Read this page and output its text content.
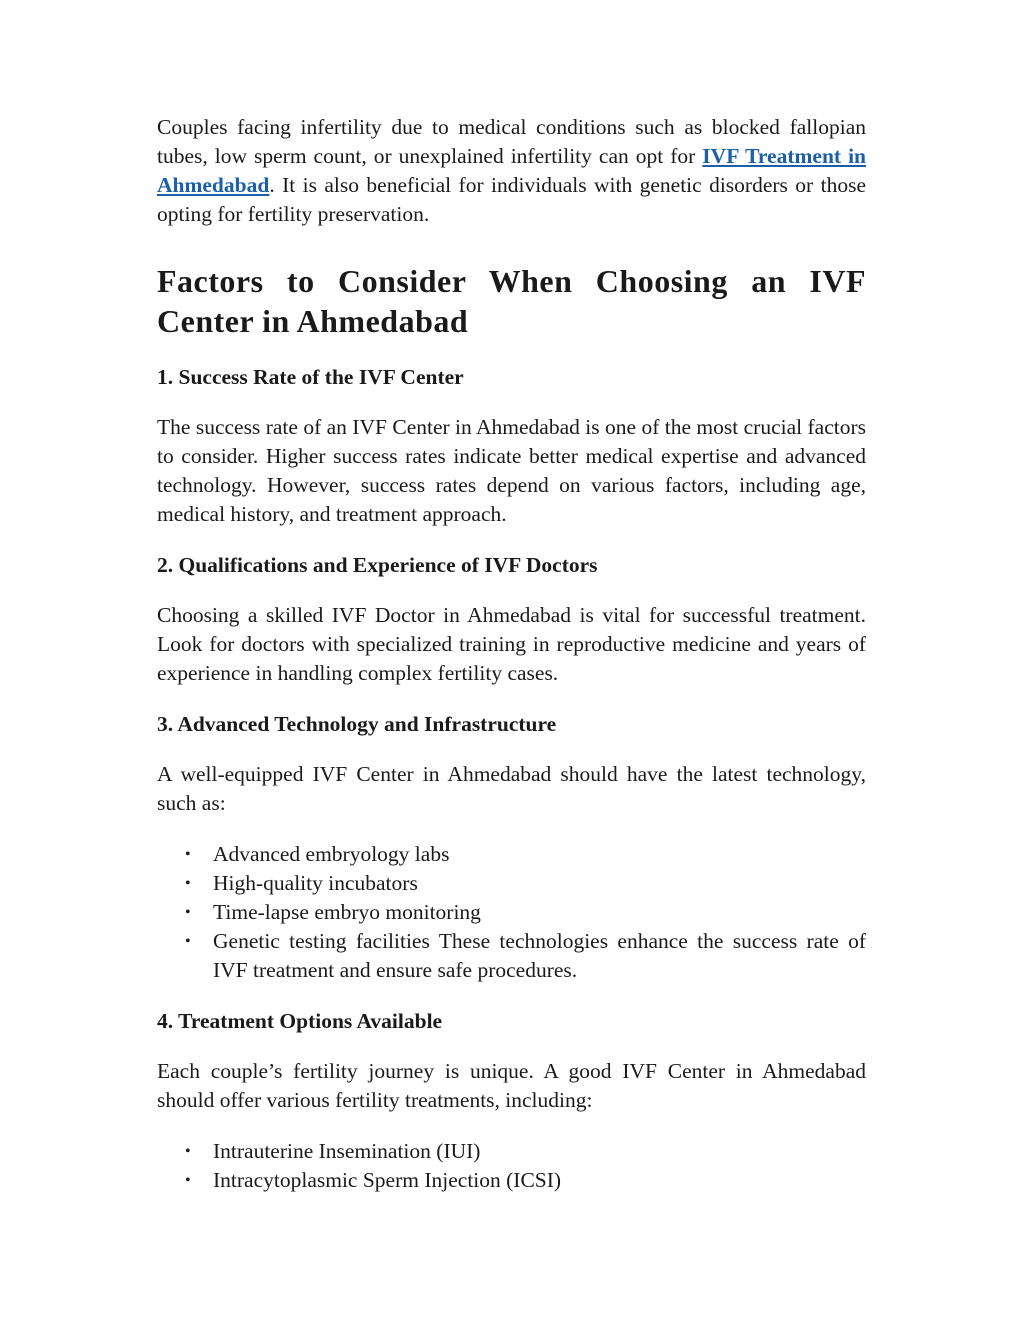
Couples facing infertility due to medical conditions such as blocked fallopian tubes, low sperm count, or unexplained infertility can opt for IVF Treatment in Ahmedabad. It is also beneficial for individuals with genetic disorders or those opting for fertility preservation.

Factors to Consider When Choosing an IVF Center in Ahmedabad
1. Success Rate of the IVF Center

The success rate of an IVF Center in Ahmedabad is one of the most crucial factors to consider. Higher success rates indicate better medical expertise and advanced technology. However, success rates depend on various factors, including age, medical history, and treatment approach.

2. Qualifications and Experience of IVF Doctors

Choosing a skilled IVF Doctor in Ahmedabad is vital for successful treatment. Look for doctors with specialized training in reproductive medicine and years of experience in handling complex fertility cases.

3. Advanced Technology and Infrastructure

A well-equipped IVF Center in Ahmedabad should have the latest technology, such as:

• Advanced embryology labs
• High-quality incubators
• Time-lapse embryo monitoring
• Genetic testing facilities These technologies enhance the success rate of IVF treatment and ensure safe procedures.
4. Treatment Options Available

Each couple’s fertility journey is unique. A good IVF Center in Ahmedabad should offer various fertility treatments, including:

• Intrauterine Insemination (IUI)
• Intracytoplasmic Sperm Injection (ICSI)
